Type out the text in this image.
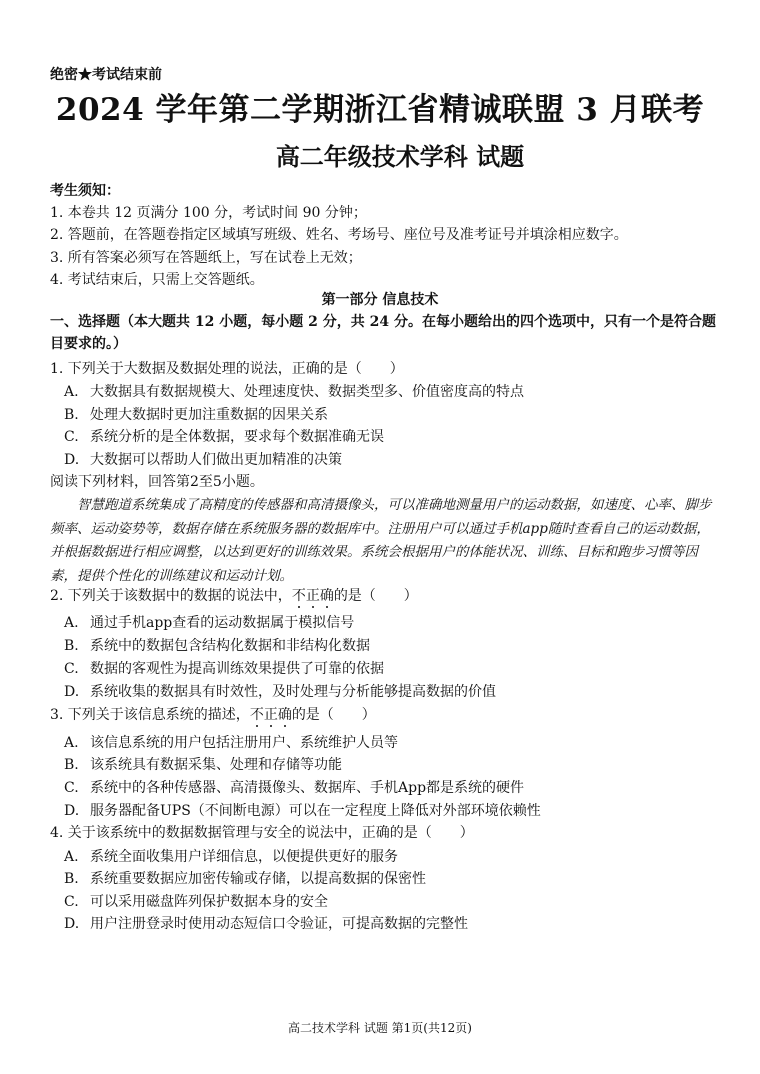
绝密★考试结束前
2024 学年第二学期浙江省精诚联盟 3 月联考
高二年级技术学科 试题
考生须知：
1. 本卷共 12 页满分 100 分，考试时间 90 分钟；
2. 答题前，在答题卷指定区域填写班级、姓名、考场号、座位号及准考证号并填涂相应数字。
3. 所有答案必须写在答题纸上，写在试卷上无效；
4. 考试结束后，只需上交答题纸。
第一部分 信息技术
一、选择题（本大题共 12 小题，每小题 2 分，共 24 分。在每小题给出的四个选项中，只有一个是符合题目要求的。）
1. 下列关于大数据及数据处理的说法，正确的是（　　）
A. 大数据具有数据规模大、处理速度快、数据类型多、价值密度高的特点
B. 处理大数据时更加注重数据的因果关系
C. 系统分析的是全体数据，要求每个数据准确无误
D. 大数据可以帮助人们做出更加精准的决策
阅读下列材料，回答第2至5小题。
智慧跑道系统集成了高精度的传感器和高清摄像头，可以准确地测量用户的运动数据，如速度、心率、脚步频率、运动姿势等，数据存储在系统服务器的数据库中。注册用户可以通过手机app随时查看自己的运动数据，并根据数据进行相应调整，以达到更好的训练效果。系统会根据用户的体能状况、训练、目标和跑步习惯等因素，提供个性化的训练建议和运动计划。
2. 下列关于该数据中的数据的说法中，不正确的是（　　）
A. 通过手机app查看的运动数据属于模拟信号
B. 系统中的数据包含结构化数据和非结构化数据
C. 数据的客观性为提高训练效果提供了可靠的依据
D. 系统收集的数据具有时效性，及时处理与分析能够提高数据的价值
3. 下列关于该信息系统的描述，不正确的是（　　）
A. 该信息系统的用户包括注册用户、系统维护人员等
B. 该系统具有数据采集、处理和存储等功能
C. 系统中的各种传感器、高清摄像头、数据库、手机App都是系统的硬件
D. 服务器配备UPS（不间断电源）可以在一定程度上降低对外部环境依赖性
4. 关于该系统中的数据数据管理与安全的说法中，正确的是（　　）
A. 系统全面收集用户详细信息，以便提供更好的服务
B. 系统重要数据应加密传输或存储，以提高数据的保密性
C. 可以采用磁盘阵列保护数据本身的安全
D. 用户注册登录时使用动态短信口令验证，可提高数据的完整性
高二技术学科 试题 第1页(共12页)
